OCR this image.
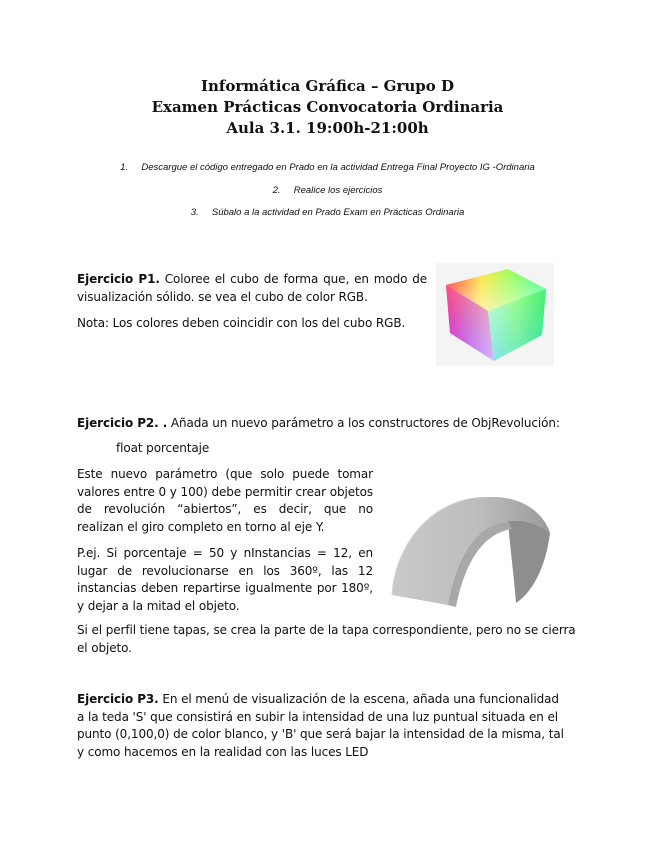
Informática Gráfica – Grupo D
Examen Prácticas Convocatoria Ordinaria
Aula 3.1. 19:00h-21:00h
1. Descargue el código entregado en Prado en la actividad Entrega Final Proyecto IG -Ordinaria
2. Realice los ejercicios
3. Súbalo a la actividad en Prado Exam en Prácticas Ordinaria
Ejercicio P1. Coloree el cubo de forma que, en modo de visualización sólido. se vea el cubo de color RGB.
Nota: Los colores deben coincidir con los del cubo RGB.
Ejercicio P2. . Añada un nuevo parámetro a los constructores de ObjRevolución:
float porcentaje
Este nuevo parámetro (que solo puede tomar valores entre 0 y 100) debe permitir crear objetos de revolución “abiertos”, es decir, que no realizan el giro completo en torno al eje Y.
P.ej. Si porcentaje = 50 y nInstancias = 12, en lugar de revolucionarse en los 360º, las 12 instancias deben repartirse igualmente por 180º, y dejar a la mitad el objeto.
Si el perfil tiene tapas, se crea la parte de la tapa correspondiente, pero no se cierra el objeto.
Ejercicio P3. En el menú de visualización de la escena, añada una funcionalidad a la teda 'S' que consistirá en subir la intensidad de una luz puntual situada en el punto (0,100,0) de color blanco, y 'B' que será bajar la intensidad de la misma, tal y como hacemos en la realidad con las luces LED
